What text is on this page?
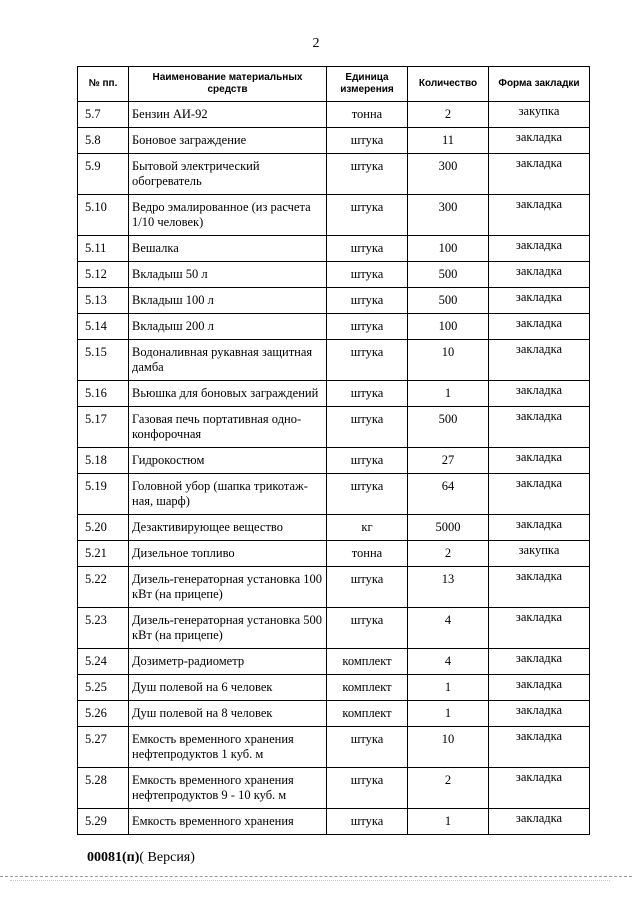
2
№ пп.	Наименование материальных средств	Единица измерения	Количество	Форма закладки
5.7	Бензин АИ-92	тонна	2	закупка
5.8	Боновое заграждение	штука	11	закладка
5.9	Бытовой электрический обогреватель	штука	300	закладка
5.10	Ведро эмалированное (из расчета 1/10 человек)	штука	300	закладка
5.11	Вешалка	штука	100	закладка
5.12	Вкладыш 50 л	штука	500	закладка
5.13	Вкладыш 100 л	штука	500	закладка
5.14	Вкладыш 200 л	штука	100	закладка
5.15	Водоналивная рукавная защитная дамба	штука	10	закладка
5.16	Вьюшка для боновых заграждений	штука	1	закладка
5.17	Газовая печь портативная одно-конфорочная	штука	500	закладка
5.18	Гидрокостюм	штука	27	закладка
5.19	Головной убор (шапка трикотаж-ная, шарф)	штука	64	закладка
5.20	Дезактивирующее вещество	кг	5000	закладка
5.21	Дизельное топливо	тонна	2	закупка
5.22	Дизель-генераторная установка 100 кВт (на прицепе)	штука	13	закладка
5.23	Дизель-генераторная установка 500 кВт (на прицепе)	штука	4	закладка
5.24	Дозиметр-радиометр	комплект	4	закладка
5.25	Душ полевой на 6 человек	комплект	1	закладка
5.26	Душ полевой на 8 человек	комплект	1	закладка
5.27	Емкость временного хранения нефтепродуктов 1 куб. м	штука	10	закладка
5.28	Емкость временного хранения нефтепродуктов 9 - 10 куб. м	штука	2	закладка
5.29	Емкость временного хранения	штука	1	закладка
00081(п)( Версия)
